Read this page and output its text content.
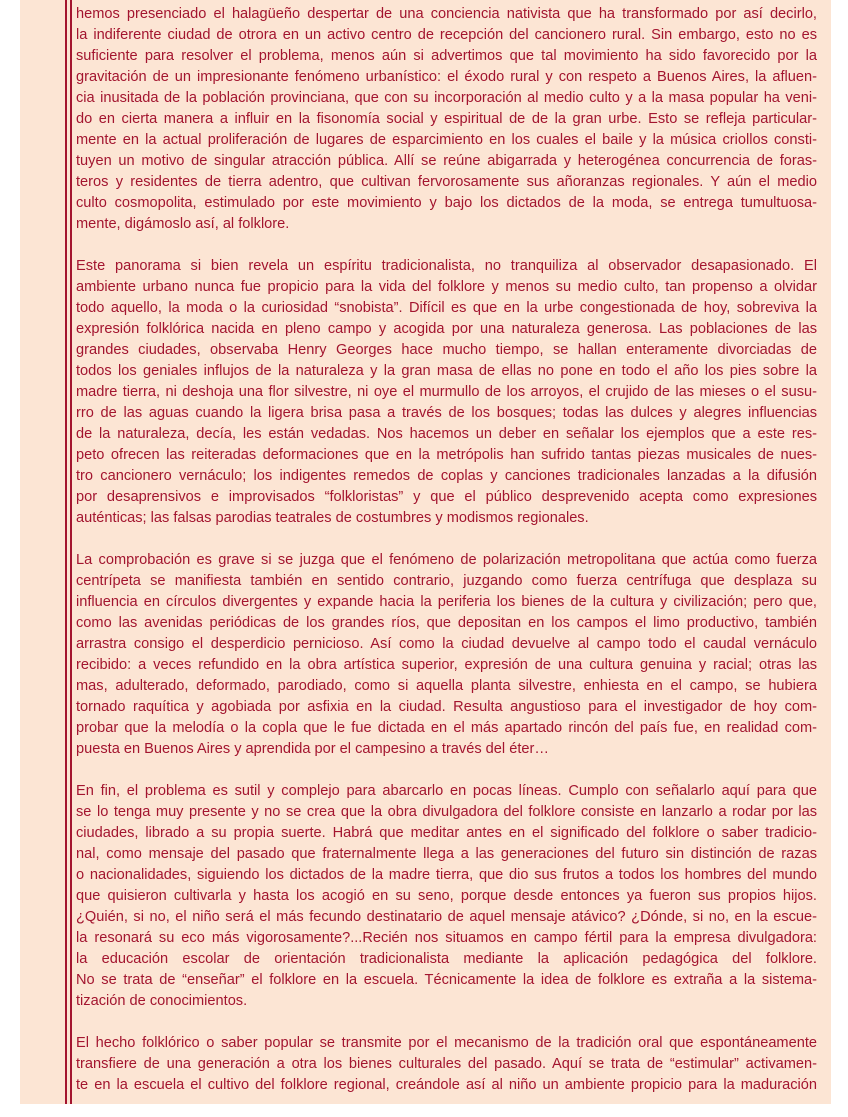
hemos presenciado el halagüeño despertar de una conciencia nativista que ha transformado por así decirlo,
la indiferente ciudad de otrora en un activo centro de recepción del cancionero rural. Sin embargo, esto no es
suficiente para resolver el problema, menos aún si advertimos que tal movimiento ha sido favorecido por la
gravitación de un impresionante fenómeno urbanístico: el éxodo rural y con respeto a Buenos Aires, la afluen-
cia inusitada de la población provinciana, que con su incorporación al medio culto y a la masa popular ha veni-
do en cierta manera a influir en la fisonomía social y espiritual de de la gran urbe. Esto se refleja particular-
mente en la actual proliferación de lugares de esparcimiento en los cuales el baile y la música criollos consti-
tuyen un motivo de singular atracción pública. Allí se reúne abigarrada y heterogénea concurrencia de foras-
teros y residentes de tierra adentro, que cultivan fervorosamente sus añoranzas regionales. Y aún el medio
culto cosmopolita, estimulado por este movimiento y bajo los dictados de la moda, se entrega tumultuosa-
mente, digámoslo así, al folklore.

Este panorama si bien revela un espíritu tradicionalista, no tranquiliza al observador desapasionado. El
ambiente urbano nunca fue propicio para la vida del folklore y menos su medio culto, tan propenso a olvidar
todo aquello, la moda o la curiosidad “snobista”. Difícil es que en la urbe congestionada de hoy, sobreviva la
expresión folklórica nacida en pleno campo y acogida por una naturaleza generosa. Las poblaciones de las
grandes ciudades, observaba Henry Georges hace mucho tiempo, se hallan enteramente divorciadas de
todos los geniales influjos de la naturaleza y la gran masa de ellas no pone en todo el año los pies sobre la
madre tierra, ni deshoja una flor silvestre, ni oye el murmullo de los arroyos, el crujido de las mieses o el susu-
rro de las aguas cuando la ligera brisa pasa a través de los bosques; todas las dulces y alegres influencias
de la naturaleza, decía, les están vedadas. Nos hacemos un deber en señalar los ejemplos que a este res-
peto ofrecen las reiteradas deformaciones que en la metrópolis han sufrido tantas piezas musicales de nues-
tro cancionero vernáculo; los indigentes remedos de coplas y canciones tradicionales lanzadas a la difusión
por desaprensivos e improvisados “folkloristas” y que el público desprevenido acepta como expresiones
auténticas; las falsas parodias teatrales de costumbres y modismos regionales.

La comprobación es grave si se juzga que el fenómeno de polarización metropolitana que actúa como fuerza
centrípeta se manifiesta también en sentido contrario, juzgando como fuerza centrífuga que desplaza su
influencia en círculos divergentes y expande hacia la periferia los bienes de la cultura y civilización; pero que,
como las avenidas periódicas de los grandes ríos, que depositan en los campos el limo productivo, también
arrastra consigo el desperdicio pernicioso. Así como la ciudad devuelve al campo todo el caudal vernáculo
recibido: a veces refundido en la obra artística superior, expresión de una cultura genuina y racial; otras las
mas, adulterado, deformado, parodiado, como si aquella planta silvestre, enhiesta en el campo, se hubiera
tornado raquítica y agobiada por asfixia en la ciudad. Resulta angustioso para el investigador de hoy com-
probar que la melodía o la copla que le fue dictada en el más apartado rincón del país fue, en realidad com-
puesta en Buenos Aires y aprendida por el campesino a través del éter…

En fin, el problema es sutil y complejo para abarcarlo en pocas líneas. Cumplo con señalarlo aquí para que
se lo tenga muy presente y no se crea que la obra divulgadora del folklore consiste en lanzarlo a rodar por las
ciudades, librado a su propia suerte. Habrá que meditar antes en el significado del folklore o saber tradicio-
nal, como mensaje del pasado que fraternalmente llega a las generaciones del futuro sin distinción de razas
o nacionalidades, siguiendo los dictados de la madre tierra, que dio sus frutos a todos los hombres del mundo
que quisieron cultivarla y hasta los acogió en su seno, porque desde entonces ya fueron sus propios hijos.
¿Quién, si no, el niño será el más fecundo destinatario de aquel mensaje atávico? ¿Dónde, si no, en la escue-
la resonará su eco más vigorosamente?...Recién nos situamos en campo fértil para la empresa divulgadora:
la educación escolar de orientación tradicionalista mediante la aplicación pedagógica del folklore.
No se trata de “enseñar” el folklore en la escuela. Técnicamente la idea de folklore es extraña a la sistema-
tización de conocimientos.

El hecho folklórico o saber popular se transmite por el mecanismo de la tradición oral que espontáneamente
transfiere de una generación a otra los bienes culturales del pasado. Aquí se trata de “estimular” activamen-
te en la escuela el cultivo del folklore regional, creándole así al niño un ambiente propicio para la maduración
